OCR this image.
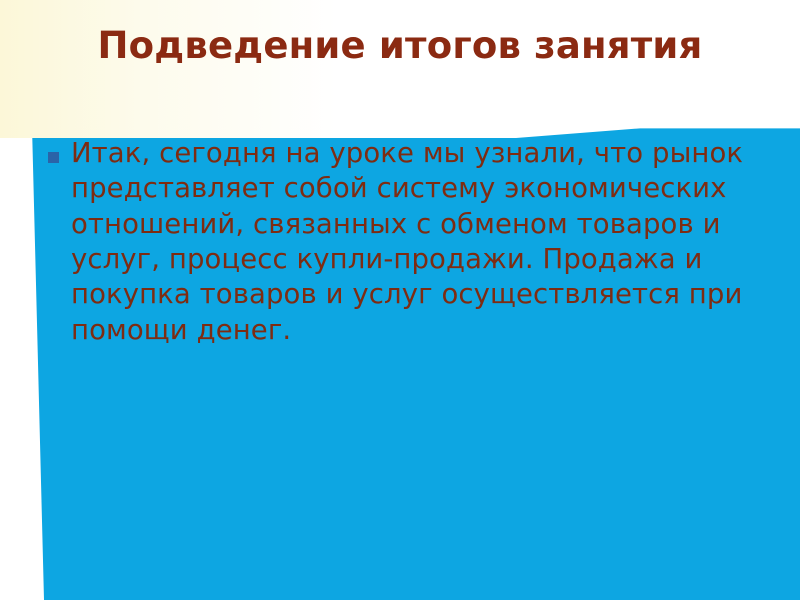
Подведение итогов занятия
Итак, сегодня на уроке мы узнали, что рынок представляет собой систему экономических отношений, связанных с обменом товаров и услуг, процесс купли-продажи. Продажа и покупка товаров и услуг осуществляется при помощи денег.
